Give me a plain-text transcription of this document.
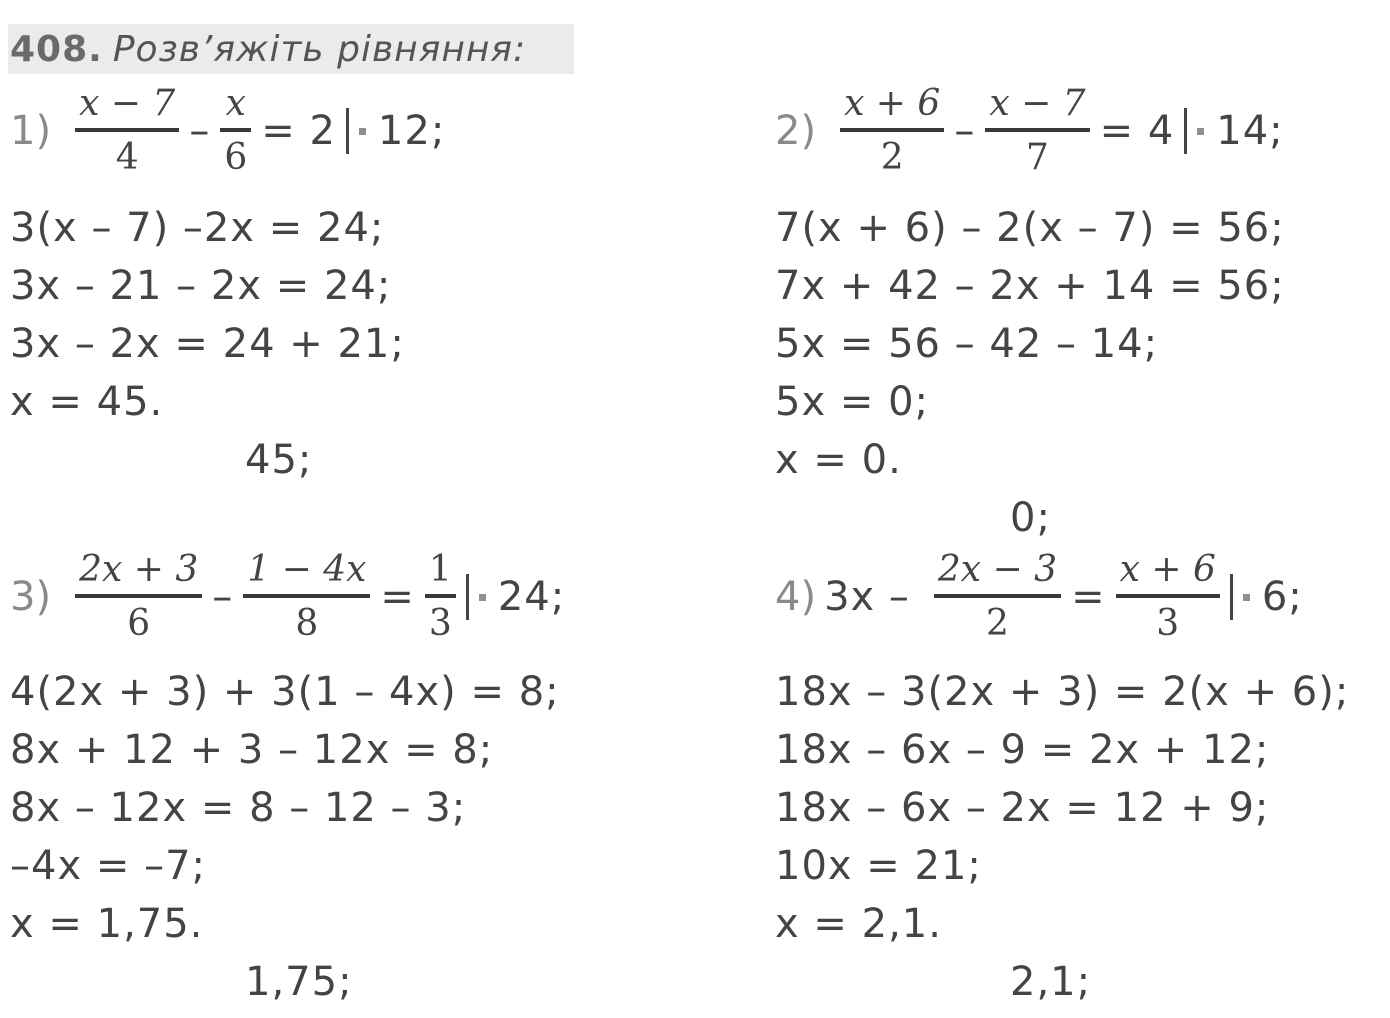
408. Розв’яжіть рівняння:
$1) \frac{x - 7}{4} - \frac{x}{6} = 2$ 12;
3(x – 7) –2x = 24;
3x – 21 – 2x = 24;
3x – 2x = 24 + 21;
x = 45.
45;
$2) \frac{x + 6}{2} - \frac{x - 7}{7} = 4$ 14;
7(x + 6) – 2(x – 7) = 56;
7x + 42 – 2x + 14 = 56;
5x = 56 – 42 – 14;
5x = 0;
x = 0.
0;
$3) \frac{2x + 3}{6} - \frac{1 - 4x}{8} = \frac{1}{3} 24$;
4(2x + 3) + 3(1 – 4x) = 8;
8x + 12 + 3 – 12x = 8;
8x – 12x = 8 – 12 – 3;
–4x = –7;
x = 1,75.
1,75;
4) $3x - \frac{2x - 3}{2} = \frac{x + 6}{3} 6$;
18x – 3(2x + 3) = 2(x + 6);
18x – 6x – 9 = 2x + 12;
18x – 6x – 2x = 12 + 9;
10x = 21;
x = 2,1.
2,1;
